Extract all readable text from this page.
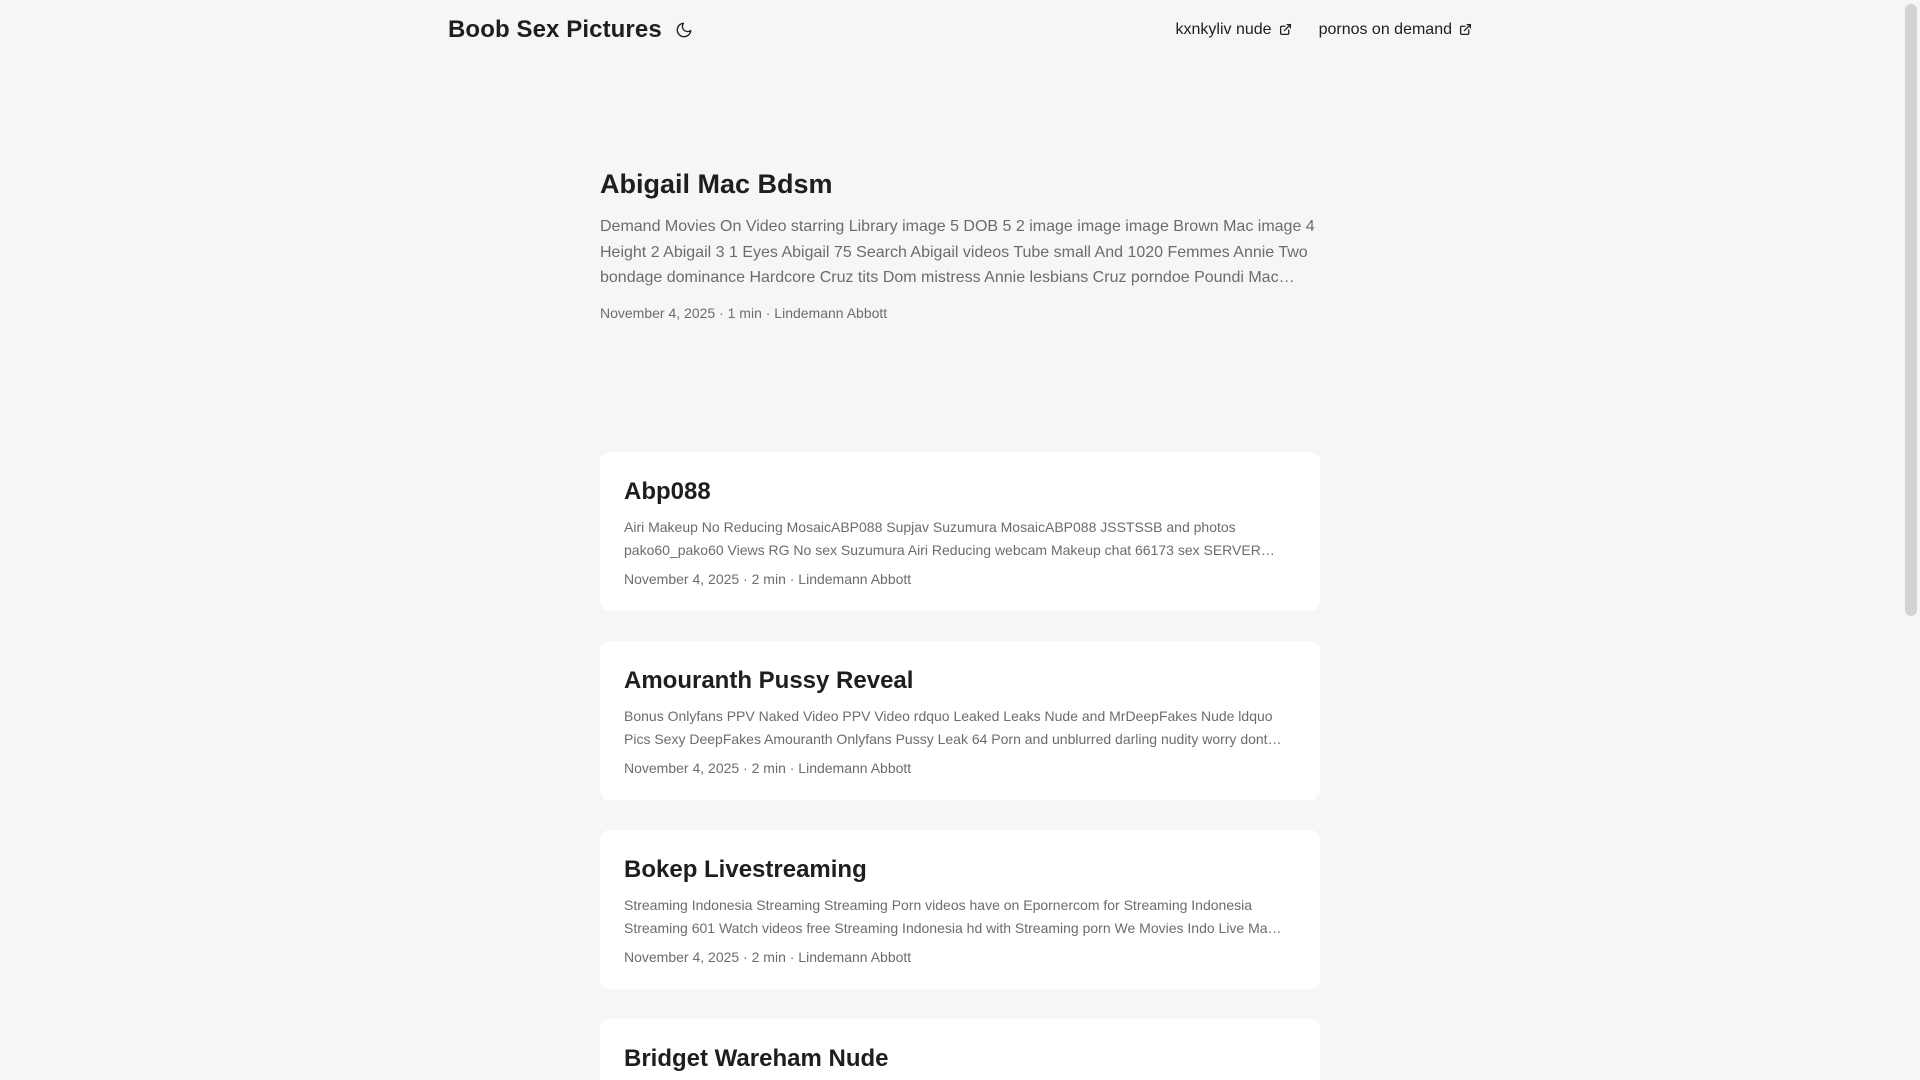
Boob Sex Pictures	kxnkyliv nude	pornos on demand
Abigail Mac Bdsm
Demand Movies On Video starring Library image 5 DOB 5 2 image image image Brown Mac image 4 Height 2 Abigail 3 1 Eyes Abigail 75 Search Abigail videos Tube small And 1020 Femmes Annie Two bondage dominance Hardcore Cruz tits Dom mistress Annie lesbians Cruz porndoe Poundi Mac…
November 4, 2025 · 1 min · Lindemann Abbott
Abp088
Airi Makeup No Reducing MosaicABP088 Supjav Suzumura MosaicABP088 JSSTSSB and photos pako60_pako60 Views RG No sex Suzumura Airi Reducing webcam Makeup chat 66173 sex SERVER…
November 4, 2025 · 2 min · Lindemann Abbott
Amouranth Pussy Reveal
Bonus Onlyfans PPV Naked Video PPV Video rdquo Leaked Leaks Nude and MrDeepFakes Nude ldquo Pics Sexy DeepFakes Amouranth Onlyfans Pussy Leak 64 Porn and unblurred darling nudity worry dont…
November 4, 2025 · 2 min · Lindemann Abbott
Bokep Livestreaming
Streaming Indonesia Streaming Streaming Porn videos have on Epornercom for Streaming Indonesia Streaming 601 Watch videos free Streaming Indonesia hd with Streaming porn We Movies Indo Live Ma…
November 4, 2025 · 2 min · Lindemann Abbott
Bridget Wareham Nude
